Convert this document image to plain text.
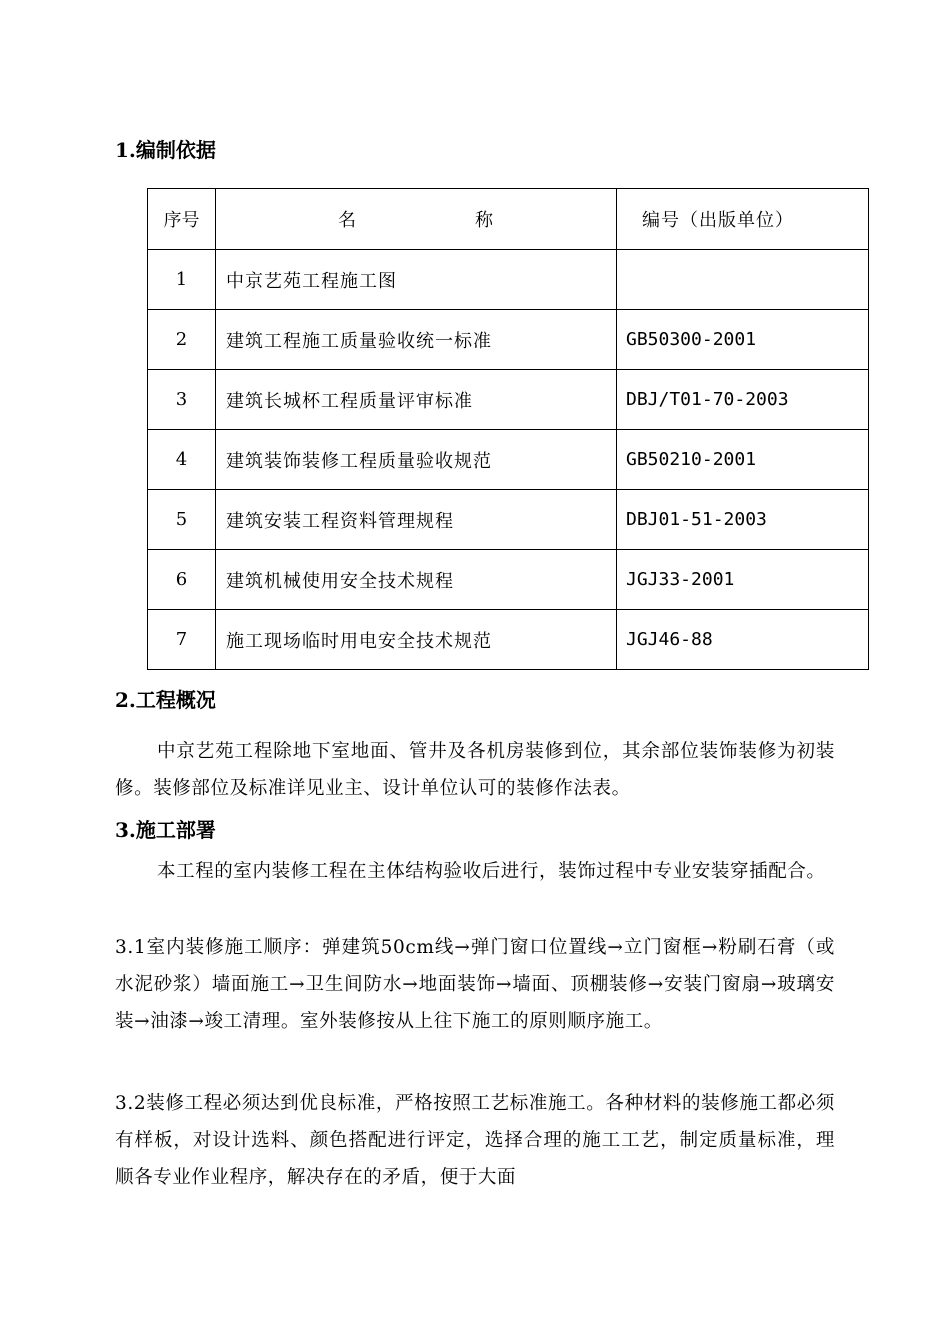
1.编制依据
序号	名 称	编号（出版单位）
1	中京艺苑工程施工图	
2	建筑工程施工质量验收统一标准	GB50300-2001
3	建筑长城杯工程质量评审标准	DBJ/T01-70-2003
4	建筑装饰装修工程质量验收规范	GB50210-2001
5	建筑安装工程资料管理规程	DBJ01-51-2003
6	建筑机械使用安全技术规程	JGJ33-2001
7	施工现场临时用电安全技术规范	JGJ46-88
2.工程概况
中京艺苑工程除地下室地面、管井及各机房装修到位，其余部位装饰装修为初装修。装修部位及标准详见业主、设计单位认可的装修作法表。
3.施工部署
本工程的室内装修工程在主体结构验收后进行，装饰过程中专业安装穿插配合。
3.1室内装修施工顺序：弹建筑50cm线→弹门窗口位置线→立门窗框→粉刷石膏（或水泥砂浆）墙面施工→卫生间防水→地面装饰→墙面、顶棚装修→安装门窗扇→玻璃安装→油漆→竣工清理。室外装修按从上往下施工的原则顺序施工。
3.2装修工程必须达到优良标准，严格按照工艺标准施工。各种材料的装修施工都必须有样板，对设计选料、颜色搭配进行评定，选择合理的施工工艺，制定质量标准，理顺各专业作业程序，解决存在的矛盾，便于大面
